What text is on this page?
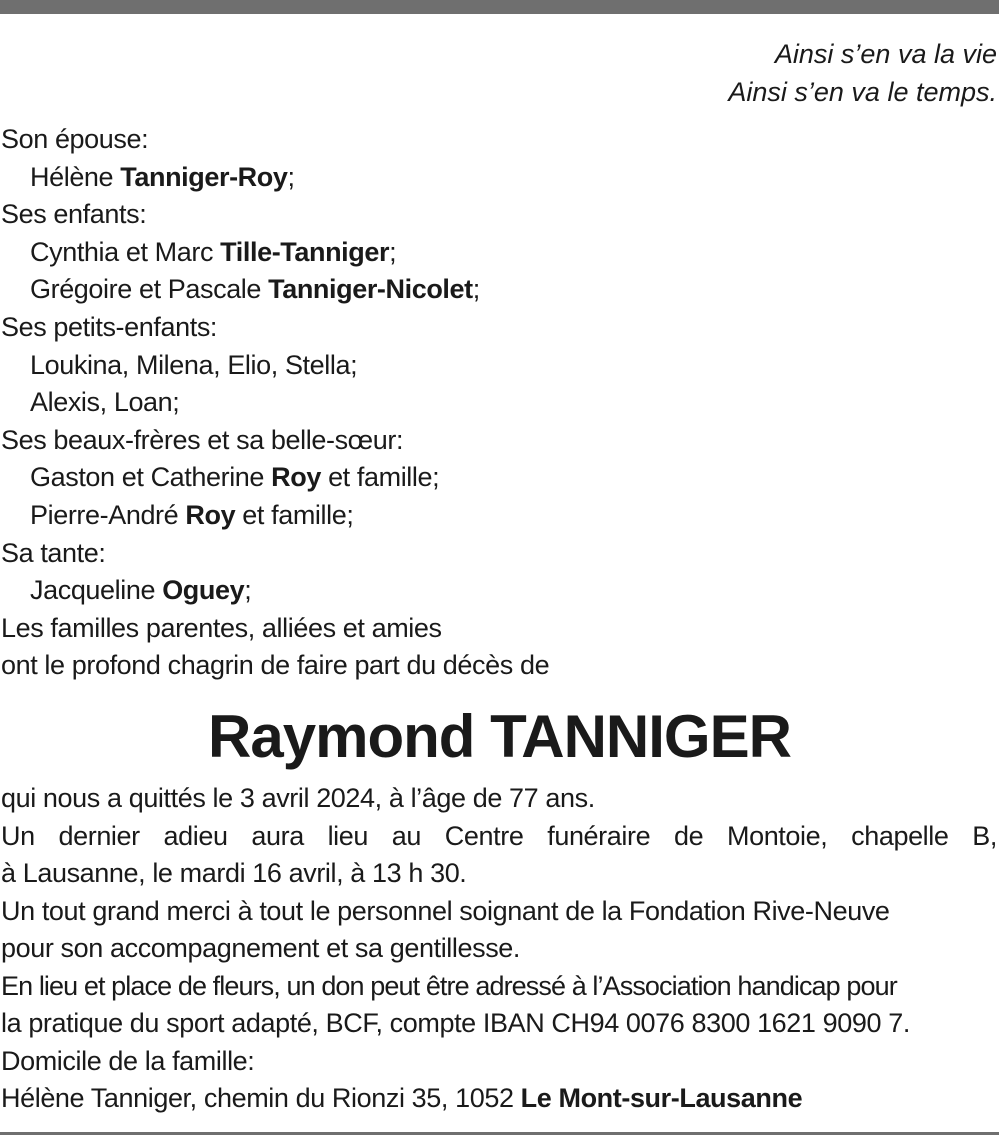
Ainsi s’en va la vie
Ainsi s’en va le temps.
Son épouse:
Hélène Tanniger-Roy;
Ses enfants:
Cynthia et Marc Tille-Tanniger;
Grégoire et Pascale Tanniger-Nicolet;
Ses petits-enfants:
Loukina, Milena, Elio, Stella;
Alexis, Loan;
Ses beaux-frères et sa belle-sœur:
Gaston et Catherine Roy et famille;
Pierre-André Roy et famille;
Sa tante:
Jacqueline Oguey;
Les familles parentes, alliées et amies
ont le profond chagrin de faire part du décès de
Raymond TANNIGER
qui nous a quittés le 3 avril 2024, à l’âge de 77 ans.
Un dernier adieu aura lieu au Centre funéraire de Montoie, chapelle B,
à Lausanne, le mardi 16 avril, à 13 h 30.
Un tout grand merci à tout le personnel soignant de la Fondation Rive-Neuve
pour son accompagnement et sa gentillesse.
En lieu et place de fleurs, un don peut être adressé à l’Association handicap pour
la pratique du sport adapté, BCF, compte IBAN CH94 0076 8300 1621 9090 7.
Domicile de la famille:
Hélène Tanniger, chemin du Rionzi 35, 1052 Le Mont-sur-Lausanne
